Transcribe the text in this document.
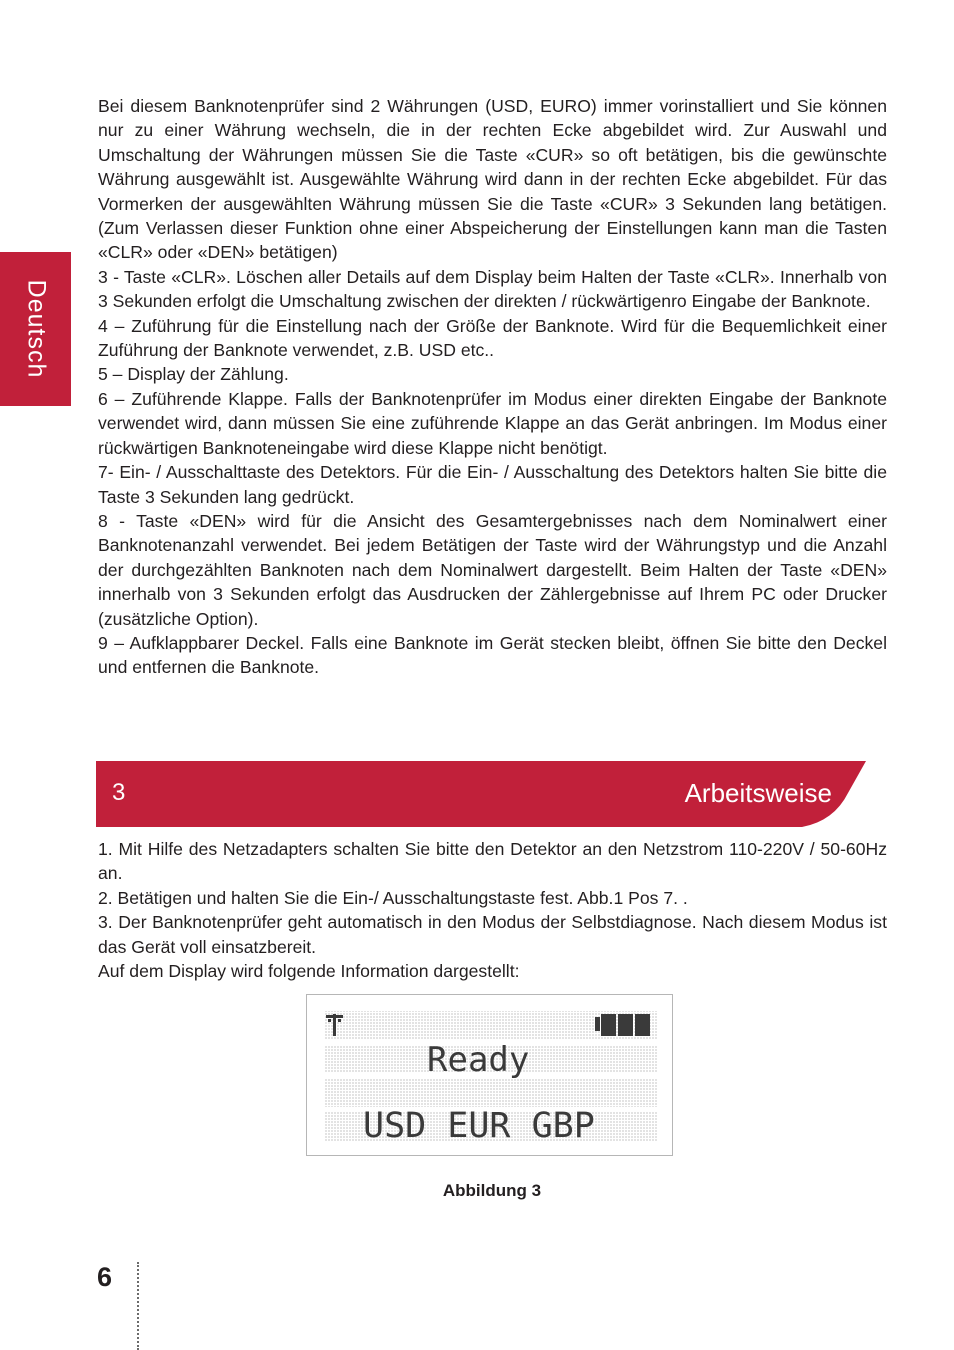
Deutsch

Bei diesem Banknotenprüfer sind 2 Währungen (USD, EURO) immer vorinstalliert und Sie können nur zu einer Währung wechseln, die in der rechten Ecke abgebildet wird. Zur Auswahl und Umschaltung der Währungen müssen Sie die Taste «CUR» so oft betätigen, bis die gewünschte Währung ausgewählt ist. Ausgewählte Währung wird dann in der rechten Ecke abgebildet. Für das Vormerken der ausgewählten Währung müssen Sie die Taste «CUR» 3 Sekunden lang betätigen. (Zum Verlassen dieser Funktion ohne einer Abspeicherung der Einstellungen kann man die Tasten «CLR» oder «DEN» betätigen)

3 - Taste «CLR». Löschen aller Details auf dem Display beim Halten der Taste «CLR». Innerhalb von 3 Sekunden erfolgt die Umschaltung zwischen der direkten / rückwärtigenro Eingabe der Banknote.

4 – Zuführung für die Einstellung nach der Größe der Banknote. Wird für die Bequemlichkeit einer Zuführung der Banknote verwendet, z.B. USD etc..

5 – Display der Zählung.

6 – Zuführende Klappe. Falls der Banknotenprüfer im Modus einer direkten Eingabe der Banknote verwendet wird, dann müssen Sie eine zuführende Klappe an das Gerät anbringen. Im Modus einer rückwärtigen Banknoteneingabe wird diese Klappe nicht benötigt.

7- Ein- / Ausschalttaste des Detektors. Für die Ein- / Ausschaltung des Detektors halten Sie bitte die Taste 3 Sekunden lang gedrückt.

8 - Taste «DEN» wird für die Ansicht des Gesamtergebnisses nach dem Nominalwert einer Banknotenanzahl verwendet. Bei jedem Betätigen der Taste wird der Währungstyp und die Anzahl der durchgezählten Banknoten nach dem Nominalwert dargestellt. Beim Halten der Taste «DEN» innerhalb von 3 Sekunden erfolgt das Ausdrucken der Zählergebnisse auf Ihrem PC oder Drucker (zusätzliche Option).

9 – Aufklappbarer Deckel. Falls eine Banknote im Gerät stecken bleibt, öffnen Sie bitte den Deckel und entfernen die Banknote.

3	Arbeitsweise

1. Mit Hilfe des Netzadapters schalten Sie bitte den Detektor an den Netzstrom 110-220V / 50-60Hz an.

2. Betätigen und halten Sie die Ein-/ Ausschaltungstaste fest. Abb.1 Pos 7. .

3. Der Banknotenprüfer geht automatisch in den Modus der Selbstdiagnose. Nach diesem Modus ist das Gerät voll einsatzbereit.

Auf dem Display wird folgende Information dargestellt:

Ready
USD EUR GBP
Abbildung 3
6
